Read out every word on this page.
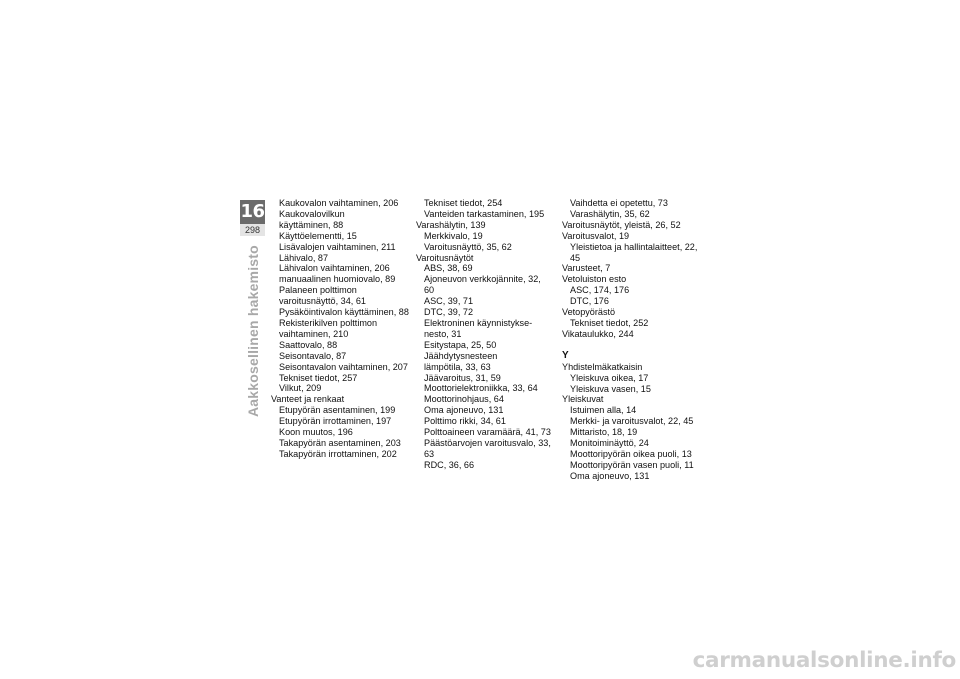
16
298
Aakkosellinen hakemisto
Kaukovalon vaihtaminen, 206
Kaukovalovilkun
käyttäminen, 88
Käyttöelementti, 15
Lisävalojen vaihtaminen, 211
Lähivalo, 87
Lähivalon vaihtaminen, 206
manuaalinen huomiovalo, 89
Palaneen polttimon
varoitusnäyttö, 34, 61
Pysäköintivalon käyttäminen, 88
Rekisterikilven polttimon
vaihtaminen, 210
Saattovalo, 88
Seisontavalo, 87
Seisontavalon vaihtaminen, 207
Tekniset tiedot, 257
Vilkut, 209
Vanteet ja renkaat
Etupyörän asentaminen, 199
Etupyörän irrottaminen, 197
Koon muutos, 196
Takapyörän asentaminen, 203
Takapyörän irrottaminen, 202
Tekniset tiedot, 254
Vanteiden tarkastaminen, 195
Varashälytin, 139
Merkkivalo, 19
Varoitusnäyttö, 35, 62
Varoitusnäytöt
ABS, 38, 69
Ajoneuvon verkkojännite, 32,
60
ASC, 39, 71
DTC, 39, 72
Elektroninen käynnistykse-
nesto, 31
Esitystapa, 25, 50
Jäähdytysnesteen
lämpötila, 33, 63
Jäävaroitus, 31, 59
Moottorielektroniikka, 33, 64
Moottorinohjaus, 64
Oma ajoneuvo, 131
Polttimo rikki, 34, 61
Polttoaineen varamäärä, 41, 73
Päästöarvojen varoitusvalo, 33,
63
RDC, 36, 66
Vaihdetta ei opetettu, 73
Varashälytin, 35, 62
Varoitusnäytöt, yleistä, 26, 52
Varoitusvalot, 19
Yleistietoa ja hallintalaitteet, 22,
45
Varusteet, 7
Vetoluiston esto
ASC, 174, 176
DTC, 176
Vetopyörästö
Tekniset tiedot, 252
Vikataulukko, 244
Y
Yhdistelmäkatkaisin
Yleiskuva oikea, 17
Yleiskuva vasen, 15
Yleiskuvat
Istuimen alla, 14
Merkki- ja varoitusvalot, 22, 45
Mittaristo, 18, 19
Monitoiminäyttö, 24
Moottoripyörän oikea puoli, 13
Moottoripyörän vasen puoli, 11
Oma ajoneuvo, 131
carmanualsonline.info
